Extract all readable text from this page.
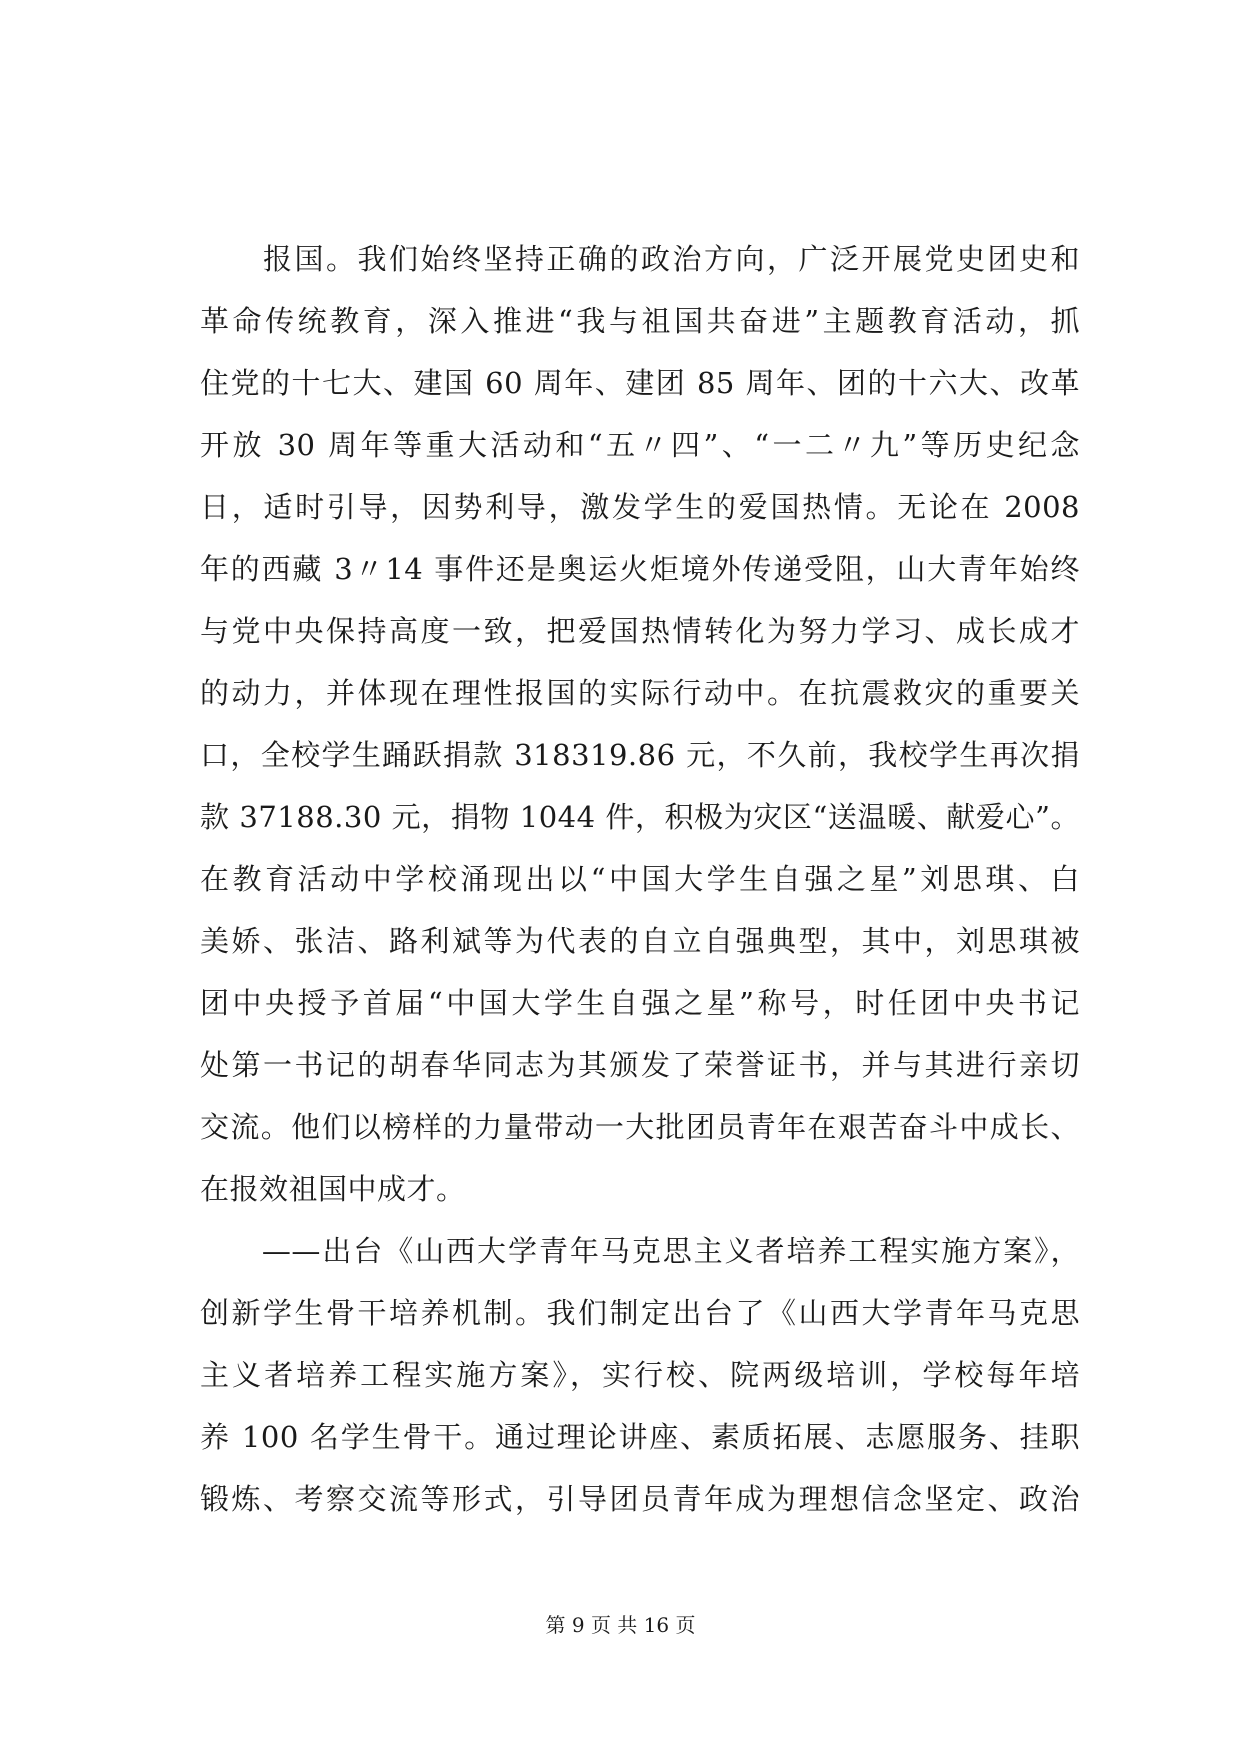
　　报国。我们始终坚持正确的政治方向，广泛开展党史团史和
革命传统教育，深入推进“我与祖国共奋进”主题教育活动，抓
住党的十七大、建国 60 周年、建团 85 周年、团的十六大、改革
开放 30 周年等重大活动和“五〃四”、“一二〃九”等历史纪念
日，适时引导，因势利导，激发学生的爱国热情。无论在 2008
年的西藏 3〃14 事件还是奥运火炬境外传递受阻，山大青年始终
与党中央保持高度一致，把爱国热情转化为努力学习、成长成才
的动力，并体现在理性报国的实际行动中。在抗震救灾的重要关
口，全校学生踊跃捐款 318319.86 元，不久前，我校学生再次捐
款 37188.30 元，捐物 1044 件，积极为灾区“送温暖、献爱心”。
在教育活动中学校涌现出以“中国大学生自强之星”刘思琪、白
美娇、张洁、路利斌等为代表的自立自强典型，其中，刘思琪被
团中央授予首届“中国大学生自强之星”称号，时任团中央书记
处第一书记的胡春华同志为其颁发了荣誉证书，并与其进行亲切
交流。他们以榜样的力量带动一大批团员青年在艰苦奋斗中成长、
在报效祖国中成才。
　　——出台《山西大学青年马克思主义者培养工程实施方案》，
创新学生骨干培养机制。我们制定出台了《山西大学青年马克思
主义者培养工程实施方案》，实行校、院两级培训，学校每年培
养 100 名学生骨干。通过理论讲座、素质拓展、志愿服务、挂职
锻炼、考察交流等形式，引导团员青年成为理想信念坚定、政治
第 9 页 共 16 页
